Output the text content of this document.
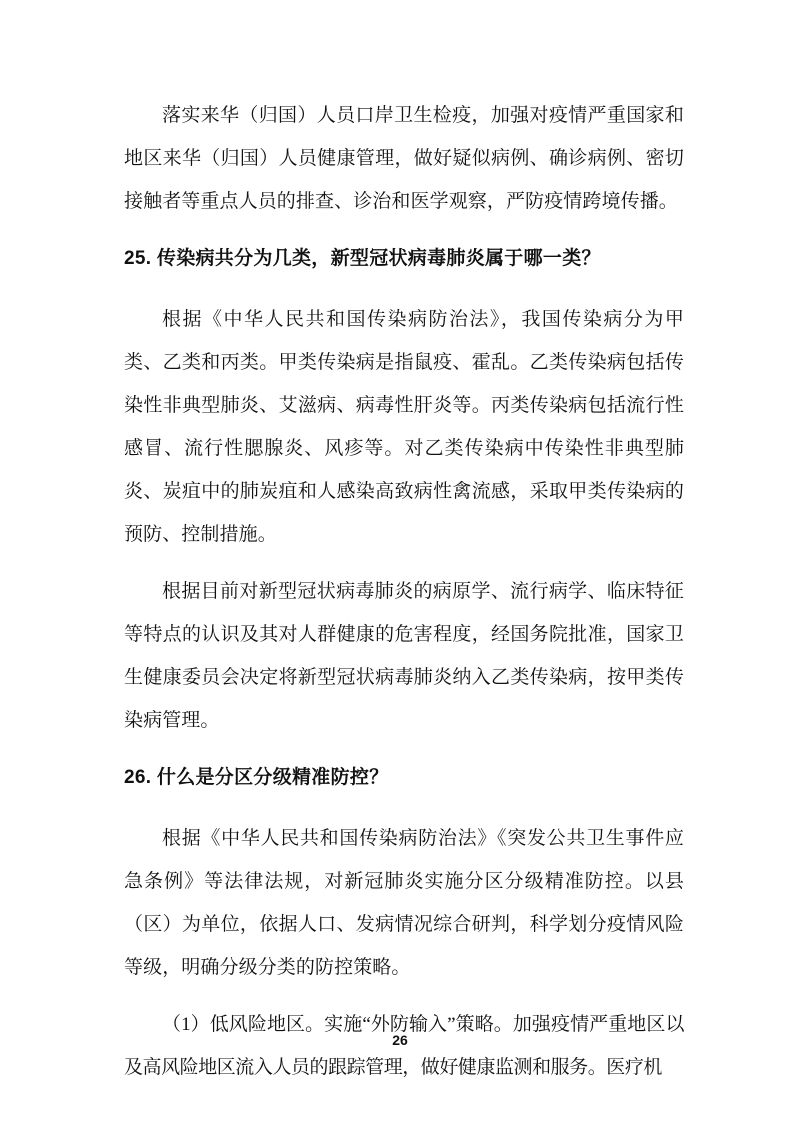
落实来华（归国）人员口岸卫生检疫，加强对疫情严重国家和地区来华（归国）人员健康管理，做好疑似病例、确诊病例、密切接触者等重点人员的排查、诊治和医学观察，严防疫情跨境传播。

25. 传染病共分为几类，新型冠状病毒肺炎属于哪一类？

根据《中华人民共和国传染病防治法》，我国传染病分为甲类、乙类和丙类。甲类传染病是指鼠疫、霍乱。乙类传染病包括传染性非典型肺炎、艾滋病、病毒性肝炎等。丙类传染病包括流行性感冒、流行性腮腺炎、风疹等。对乙类传染病中传染性非典型肺炎、炭疽中的肺炭疽和人感染高致病性禽流感，采取甲类传染病的预防、控制措施。

根据目前对新型冠状病毒肺炎的病原学、流行病学、临床特征等特点的认识及其对人群健康的危害程度，经国务院批准，国家卫生健康委员会决定将新型冠状病毒肺炎纳入乙类传染病，按甲类传染病管理。

26. 什么是分区分级精准防控？

根据《中华人民共和国传染病防治法》《突发公共卫生事件应急条例》等法律法规，对新冠肺炎实施分区分级精准防控。以县（区）为单位，依据人口、发病情况综合研判，科学划分疫情风险等级，明确分级分类的防控策略。

（1）低风险地区。实施“外防输入”策略。加强疫情严重地区以及高风险地区流入人员的跟踪管理，做好健康监测和服务。医疗机

26
